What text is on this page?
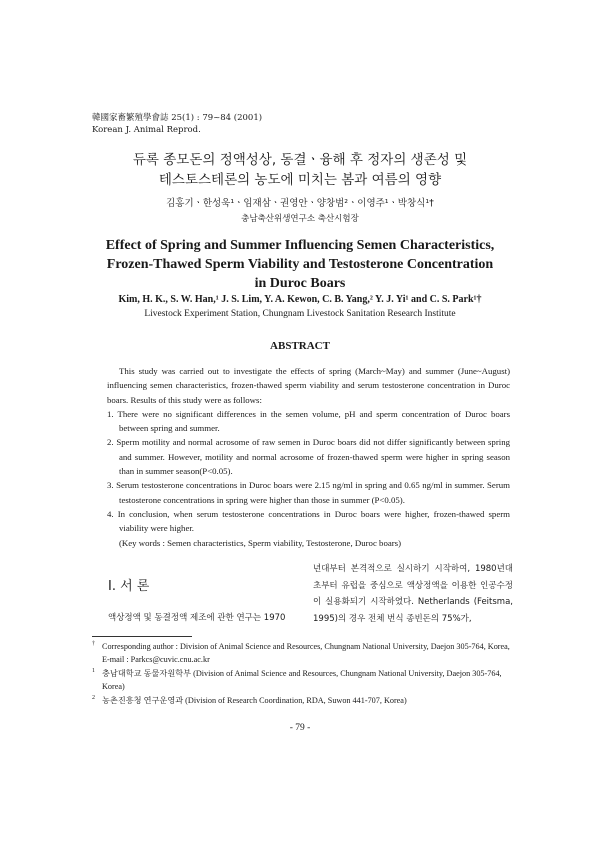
韓國家畜繁殖學會誌 25(1) : 79~84 (2001)
Korean J. Animal Reprod.
듀록 종모돈의 정액성상, 동결ㆍ융해 후 정자의 생존성 및
테스토스테론의 농도에 미치는 봄과 여름의 영향
김홍기ㆍ한성욱¹ㆍ임재삼ㆍ권영안ㆍ양창범²ㆍ이영주¹ㆍ박창식¹†
충남축산위생연구소 축산시험장
Effect of Spring and Summer Influencing Semen Characteristics,
Frozen-Thawed Sperm Viability and Testosterone Concentration
in Duroc Boars
Kim, H. K., S. W. Han,¹ J. S. Lim, Y. A. Kewon, C. B. Yang,² Y. J. Yi¹ and C. S. Park¹†
Livestock Experiment Station, Chungnam Livestock Sanitation Research Institute
ABSTRACT

This study was carried out to investigate the effects of spring (March~May) and summer (June~August) influencing semen characteristics, frozen-thawed sperm viability and serum testosterone concentration in Duroc boars. Results of this study were as follows:

1. There were no significant differences in the semen volume, pH and sperm concentration of Duroc boars between spring and summer.
2. Sperm motility and normal acrosome of raw semen in Duroc boars did not differ significantly between spring and summer. However, motility and normal acrosome of frozen-thawed sperm were higher in spring season than in summer season(P<0.05).
3. Serum testosterone concentrations in Duroc boars were 2.15 ng/ml in spring and 0.65 ng/ml in summer. Serum testosterone concentrations in spring were higher than those in summer (P<0.05).
4. In conclusion, when serum testosterone concentrations in Duroc boars were higher, frozen-thawed sperm viability were higher.

(Key words : Semen characteristics, Sperm viability, Testosterone, Duroc boars)

Ⅰ. 서 론
액상정액 및 동결정액 제조에 관한 연구는 1970

년대부터 본격적으로 실시하기 시작하여, 1980년대 초부터 유럽을 중심으로 액상정액을 이용한 인공수정이 실용화되기 시작하였다. Netherlands (Feitsma, 1995)의 경우 전체 번식 종빈돈의 75%가,

† Corresponding author : Division of Animal Science and Resources, Chungnam National University, Daejon 305-764, Korea, E-mail : Parkcs@cuvic.cnu.ac.kr
1 충남대학교 동물자원학부 (Division of Animal Science and Resources, Chungnam National University, Daejon 305-764, Korea)
2 농촌진흥청 연구운영과 (Division of Research Coordination, RDA, Suwon 441-707, Korea)
- 79 -
